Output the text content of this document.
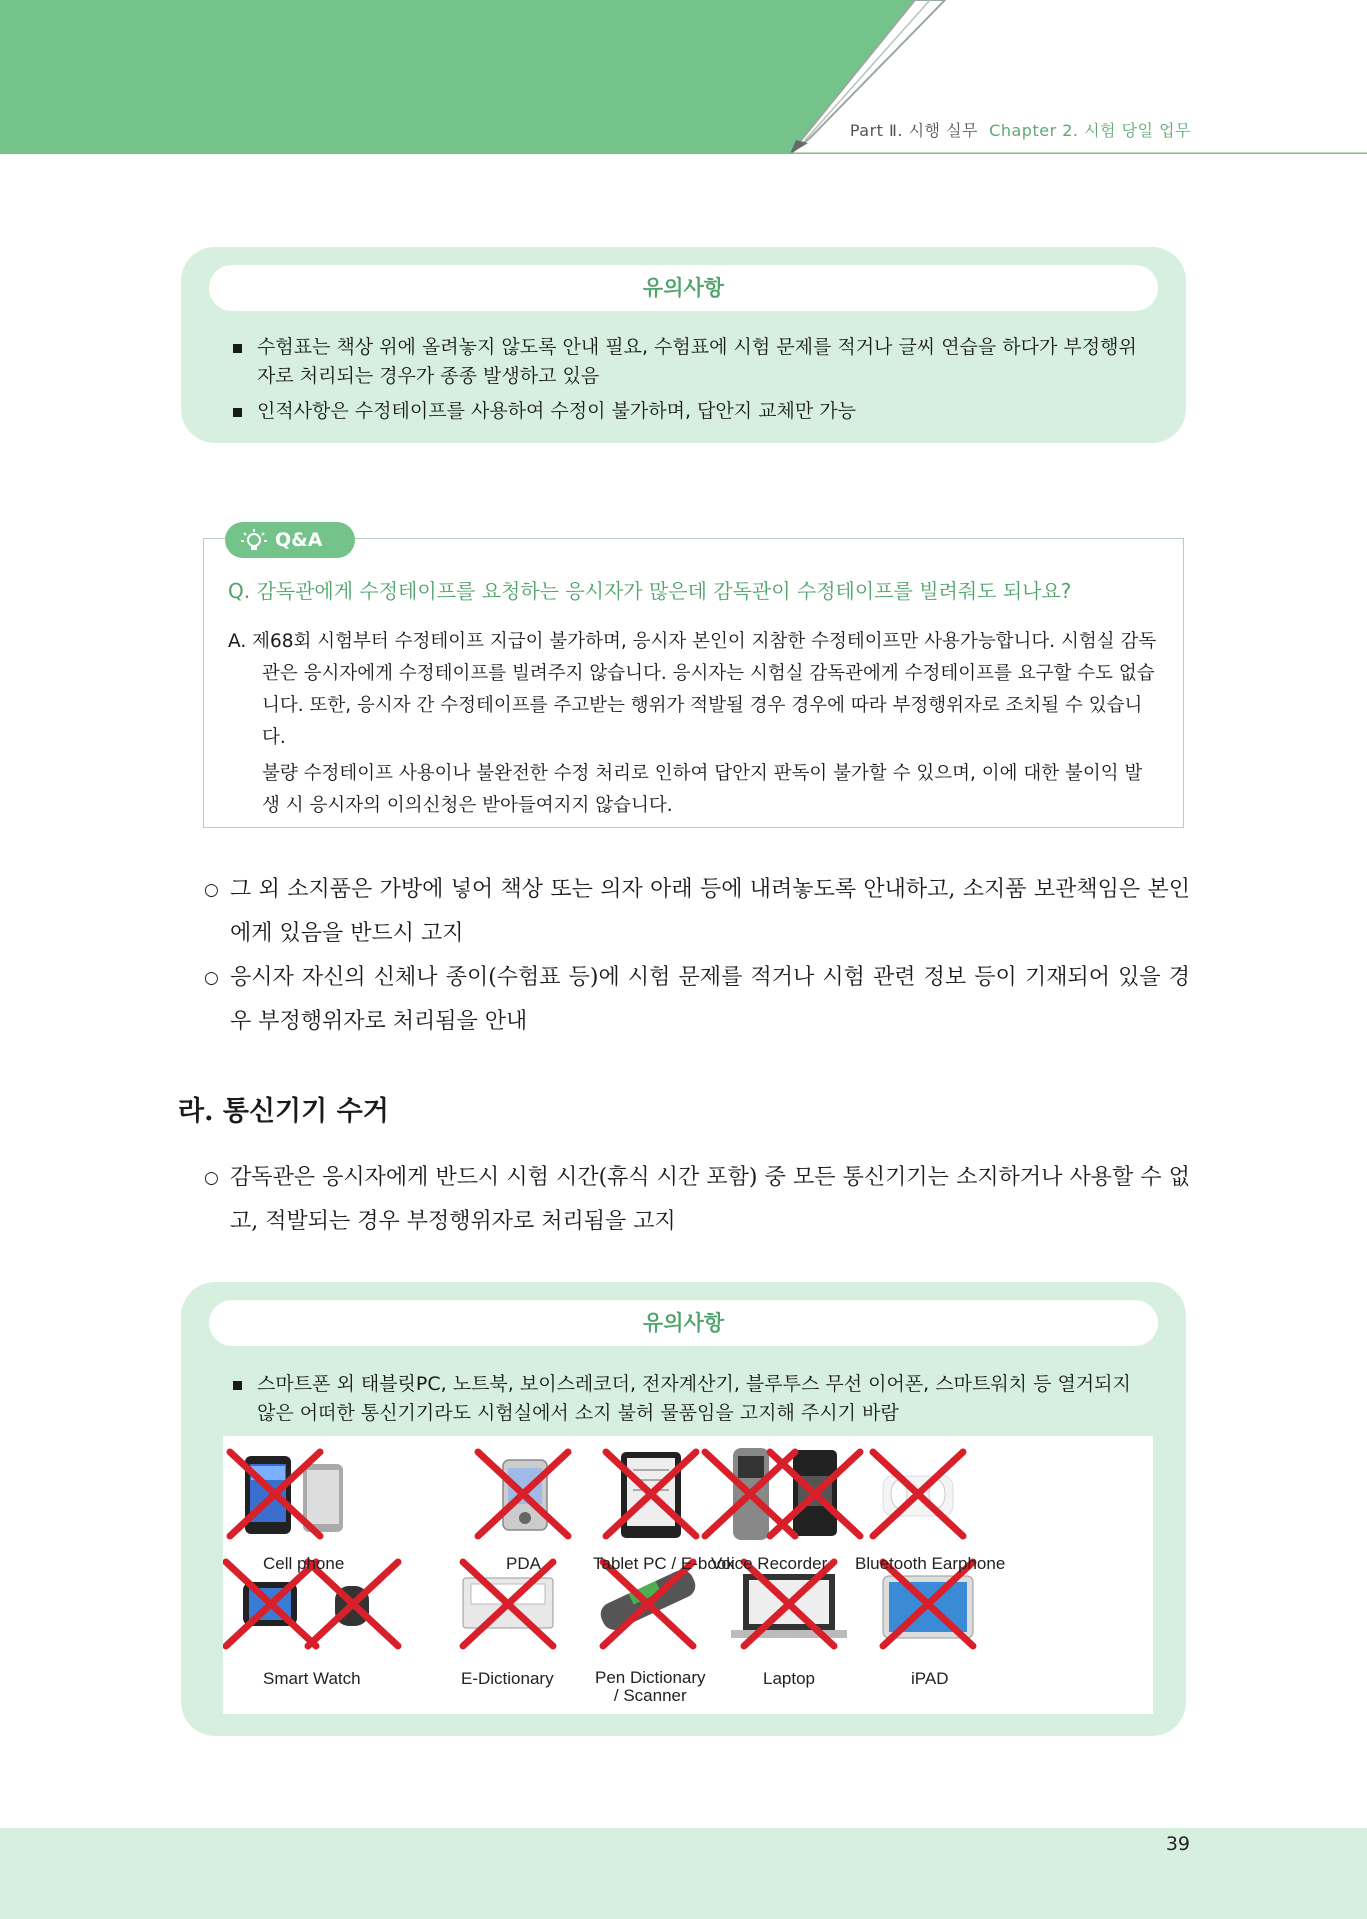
Part Ⅱ. 시행 실무 Chapter 2. 시험 당일 업무
유의사항
수험표는 책상 위에 올려놓지 않도록 안내 필요, 수험표에 시험 문제를 적거나 글씨 연습을 하다가 부정행위자로 처리되는 경우가 종종 발생하고 있음
인적사항은 수정테이프를 사용하여 수정이 불가하며, 답안지 교체만 가능
Q&A
Q. 감독관에게 수정테이프를 요청하는 응시자가 많은데 감독관이 수정테이프를 빌려줘도 되나요?
A. 제68회 시험부터 수정테이프 지급이 불가하며, 응시자 본인이 지참한 수정테이프만 사용가능합니다. 시험실 감독관은 응시자에게 수정테이프를 빌려주지 않습니다. 응시자는 시험실 감독관에게 수정테이프를 요구할 수도 없습니다. 또한, 응시자 간 수정테이프를 주고받는 행위가 적발될 경우 경우에 따라 부정행위자로 조치될 수 있습니다.
불량 수정테이프 사용이나 불완전한 수정 처리로 인하여 답안지 판독이 불가할 수 있으며, 이에 대한 불이익 발생 시 응시자의 이의신청은 받아들여지지 않습니다.
○ 그 외 소지품은 가방에 넣어 책상 또는 의자 아래 등에 내려놓도록 안내하고, 소지품 보관책임은 본인에게 있음을 반드시 고지
○ 응시자 자신의 신체나 종이(수험표 등)에 시험 문제를 적거나 시험 관련 정보 등이 기재되어 있을 경우 부정행위자로 처리됨을 안내
라. 통신기기 수거
○ 감독관은 응시자에게 반드시 시험 시간(휴식 시간 포함) 중 모든 통신기기는 소지하거나 사용할 수 없고, 적발되는 경우 부정행위자로 처리됨을 고지
유의사항
스마트폰 외 태블릿PC, 노트북, 보이스레코더, 전자계산기, 블루투스 무선 이어폰, 스마트워치 등 열거되지 않은 어떠한 통신기기라도 시험실에서 소지 불허 물품임을 고지해 주시기 바람
Cell phone	PDA	Tablet PC / E-book
Voice Recorder Bluetooth Earphone
Smart Watch	E-Dictionary Pen Dictionary
/ Scanner
Laptop	iPAD
39
